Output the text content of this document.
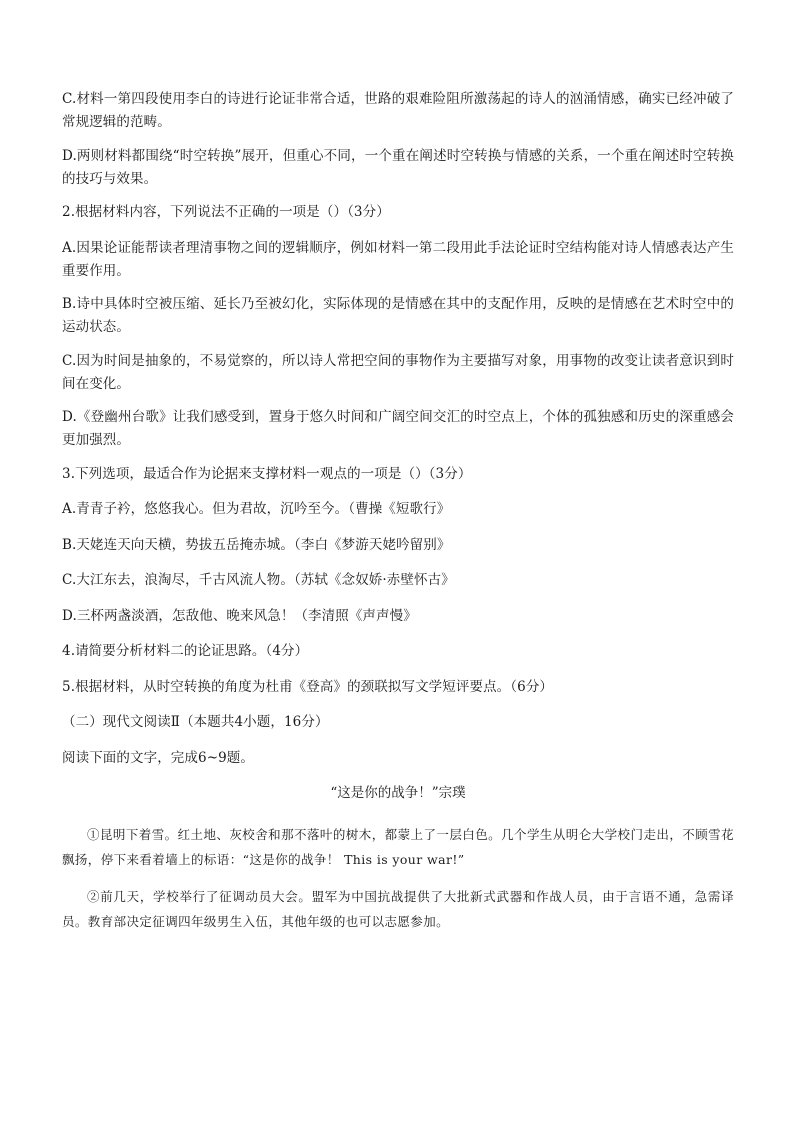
C.材料一第四段使用李白的诗进行论证非常合适，世路的艰难险阻所激荡起的诗人的汹涌情感，确实已经冲破了常规逻辑的范畴。

D.两则材料都围绕“时空转换”展开，但重心不同，一个重在阐述时空转换与情感的关系，一个重在阐述时空转换的技巧与效果。

2.根据材料内容，下列说法不正确的一项是（）（3分）

A.因果论证能帮读者理清事物之间的逻辑顺序，例如材料一第二段用此手法论证时空结构能对诗人情感表达产生重要作用。

B.诗中具体时空被压缩、延长乃至被幻化，实际体现的是情感在其中的支配作用，反映的是情感在艺术时空中的运动状态。

C.因为时间是抽象的，不易觉察的，所以诗人常把空间的事物作为主要描写对象，用事物的改变让读者意识到时间在变化。

D.《登幽州台歌》让我们感受到，置身于悠久时间和广阔空间交汇的时空点上，个体的孤独感和历史的深重感会更加强烈。

3.下列选项，最适合作为论据来支撑材料一观点的一项是（）（3分）

A.青青子衿，悠悠我心。但为君故，沉吟至今。（曹操《短歌行》

B.天姥连天向天横，势拔五岳掩赤城。（李白《梦游天姥吟留别》

C.大江东去，浪淘尽，千古风流人物。（苏轼《念奴娇·赤壁怀古》

D.三杯两盏淡酒，怎敌他、晚来风急！（李清照《声声慢》

4.请简要分析材料二的论证思路。（4分）

5.根据材料，从时空转换的角度为杜甫《登高》的颈联拟写文学短评要点。（6分）

（二）现代文阅读Ⅱ（本题共4小题，16分）

阅读下面的文字，完成6~9题。

“这是你的战争！”宗璞

①昆明下着雪。红土地、灰校舍和那不落叶的树木，都蒙上了一层白色。几个学生从明仑大学校门走出，不顾雪花飘扬，停下来看着墙上的标语：“这是你的战争！ This is your war!”

②前几天，学校举行了征调动员大会。盟军为中国抗战提供了大批新式武器和作战人员，由于言语不通，急需译员。教育部决定征调四年级男生入伍，其他年级的也可以志愿参加。
